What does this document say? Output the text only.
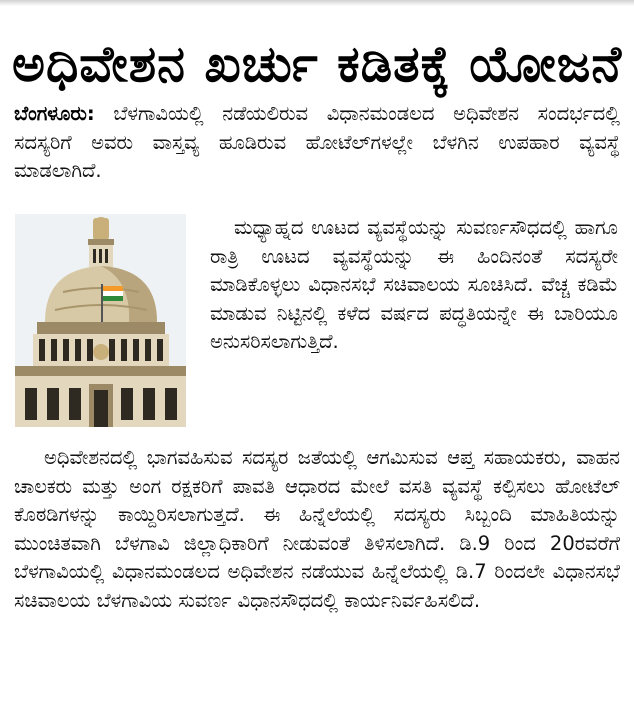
ಅಧಿವೇಶನ ಖರ್ಚು ಕಡಿತಕ್ಕೆ ಯೋಜನೆ

ಬೆಂಗಳೂರು: ಬೆಳಗಾವಿಯಲ್ಲಿ ನಡೆಯಲಿರುವ ವಿಧಾನಮಂಡಲದ ಅಧಿವೇಶನ ಸಂದರ್ಭದಲ್ಲಿ ಸದಸ್ಯರಿಗೆ ಅವರು ವಾಸ್ತವ್ಯ ಹೂಡಿರುವ ಹೋಟೆಲ್‌ಗಳಲ್ಲೇ ಬೆಳಗಿನ ಉಪಹಾರ ವ್ಯವಸ್ಥೆ ಮಾಡಲಾಗಿದೆ.

ಮಧ್ಯಾಹ್ನದ ಊಟದ ವ್ಯವಸ್ಥೆಯನ್ನು ಸುವರ್ಣಸೌಧದಲ್ಲಿ ಹಾಗೂ ರಾತ್ರಿ ಊಟದ ವ್ಯವಸ್ಥೆಯನ್ನು ಈ ಹಿಂದಿನಂತೆ ಸದಸ್ಯರೇ ಮಾಡಿಕೊಳ್ಳಲು ವಿಧಾನಸಭೆ ಸಚಿವಾಲಯ ಸೂಚಿಸಿದೆ. ವೆಚ್ಚ ಕಡಿಮೆ ಮಾಡುವ ನಿಟ್ಟಿನಲ್ಲಿ ಕಳೆದ ವರ್ಷದ ಪದ್ಧತಿಯನ್ನೇ ಈ ಬಾರಿಯೂ ಅನುಸರಿಸಲಾಗುತ್ತಿದೆ.

ಅಧಿವೇಶನದಲ್ಲಿ ಭಾಗವಹಿಸುವ ಸದಸ್ಯರ ಜತೆಯಲ್ಲಿ ಆಗಮಿಸುವ ಆಪ್ತ ಸಹಾಯಕರು, ವಾಹನ ಚಾಲಕರು ಮತ್ತು ಅಂಗ ರಕ್ಷಕರಿಗೆ ಪಾವತಿ ಆಧಾರದ ಮೇಲೆ ವಸತಿ ವ್ಯವಸ್ಥೆ ಕಲ್ಪಿಸಲು ಹೋಟೆಲ್ ಕೊಠಡಿಗಳನ್ನು ಕಾಯ್ದಿರಿಸಲಾಗುತ್ತದೆ. ಈ ಹಿನ್ನೆಲೆಯಲ್ಲಿ ಸದಸ್ಯರು ಸಿಬ್ಬಂದಿ ಮಾಹಿತಿಯನ್ನು ಮುಂಚಿತವಾಗಿ ಬೆಳಗಾವಿ ಜಿಲ್ಲಾಧಿಕಾರಿಗೆ ನೀಡುವಂತೆ ತಿಳಿಸಲಾಗಿದೆ. ಡಿ.9 ರಿಂದ 20ರವರೆಗೆ ಬೆಳಗಾವಿಯಲ್ಲಿ ವಿಧಾನಮಂಡಲದ ಅಧಿವೇಶನ ನಡೆಯುವ ಹಿನ್ನೆಲೆಯಲ್ಲಿ ಡಿ.7 ರಿಂದಲೇ ವಿಧಾನಸಭೆ ಸಚಿವಾಲಯ ಬೆಳಗಾವಿಯ ಸುವರ್ಣ ವಿಧಾನಸೌಧದಲ್ಲಿ ಕಾರ್ಯನಿರ್ವಹಿಸಲಿದೆ.
